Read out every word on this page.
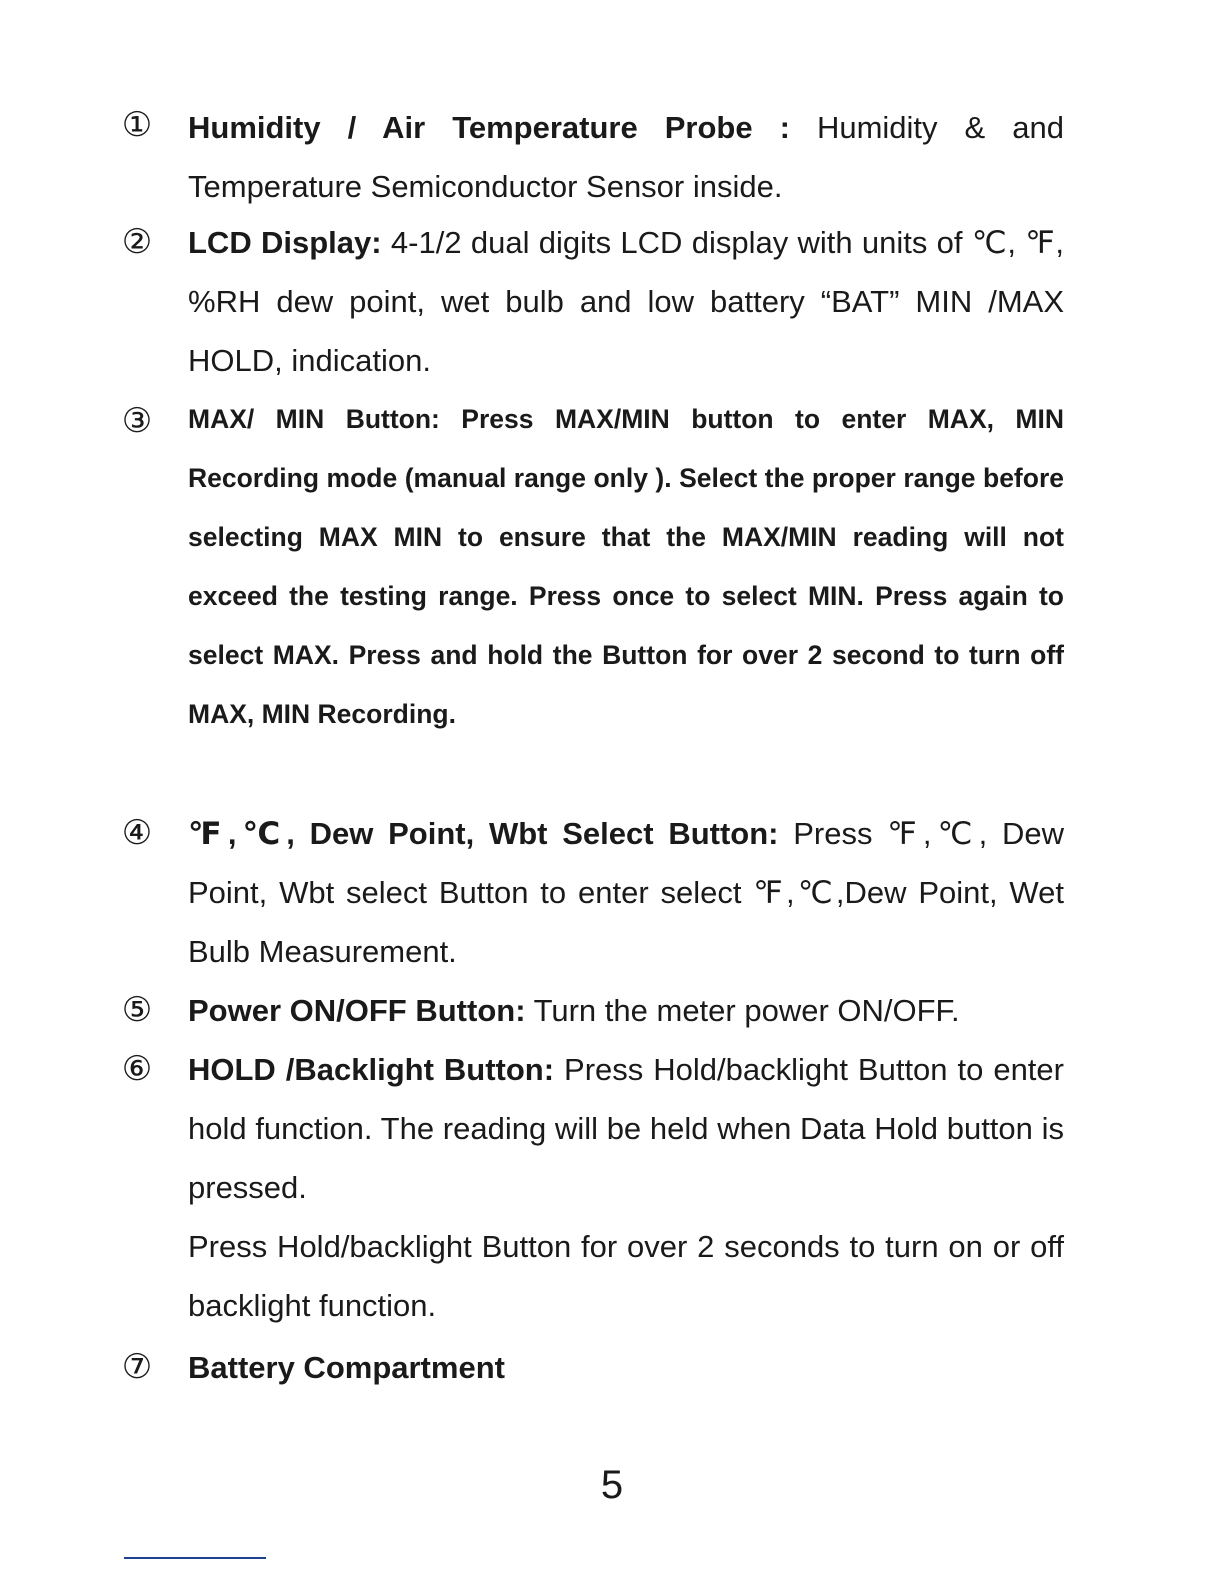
① Humidity / Air Temperature Probe : Humidity & and Temperature Semiconductor Sensor inside.
② LCD Display: 4-1/2 dual digits LCD display with units of ℃, ℉, %RH dew point, wet bulb and low battery “BAT” MIN /MAX HOLD, indication.
③ MAX/ MIN Button: Press MAX/MIN button to enter MAX, MIN Recording mode (manual range only ). Select the proper range before selecting MAX MIN to ensure that the MAX/MIN reading will not exceed the testing range. Press once to select MIN. Press again to select MAX. Press and hold the Button for over 2 second to turn off MAX, MIN Recording.
④ ℉,℃, Dew Point, Wbt Select Button: Press ℉,℃, Dew Point, Wbt select Button to enter select ℉,℃,Dew Point, Wet Bulb Measurement.
⑤ Power ON/OFF Button: Turn the meter power ON/OFF.
⑥ HOLD /Backlight Button: Press Hold/backlight Button to enter hold function. The reading will be held when Data Hold button is pressed.
Press Hold/backlight Button for over 2 seconds to turn on or off backlight function.
⑦ Battery Compartment
5
